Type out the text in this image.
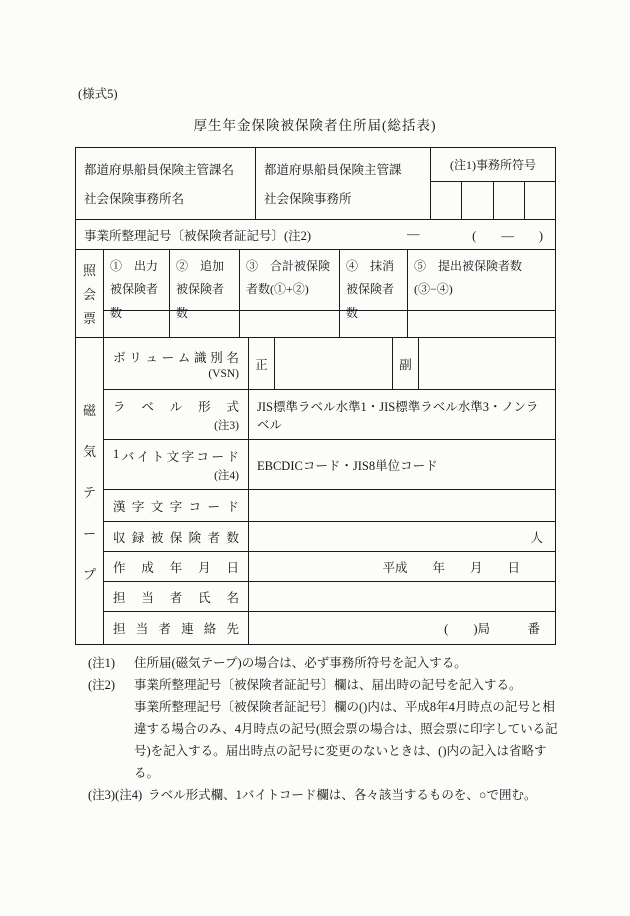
(様式5)
厚生年金保険被保険者住所届(総括表)
都道府県船員保険主管課名
社会保険事務所名
都道府県船員保険主管課
社会保険事務所
(注1)事務所符号
事業所整理記号〔被保険者証記号〕(注2)	—	(　　—　　)
照
会
票
①　出力被保険者数
②　追加被保険者数
③　合計被保険者数(①+②)
④　抹消被保険者数
⑤　提出被保険者数(③−④)
磁
気
テ
ー
プ
ボ リ ュ ー ム 識 別 名
(VSN)
正	副
ラ ベ ル 形 式
(注3)
JIS標準ラベル水準1・JIS標準ラベル水準3・ノンラベル
1 バ イ ト 文 字 コ ー ド
(注4)
EBCDICコード・JIS8単位コード
漢 字 文 字 コ ー ド
収 録 被 保 険 者 数	人
作 成 年 月 日	平成　　年　　月　　日
担 当 者 氏 名
担 当 者 連 絡 先	(　　)局　　　番
(注1)	住所届(磁気テープ)の場合は、必ず事務所符号を記入する。
(注2)	事業所整理記号〔被保険者証記号〕欄は、届出時の記号を記入する。
事業所整理記号〔被保険者証記号〕欄の()内は、平成8年4月時点の記号と相違する場合のみ、4月時点の記号(照会票の場合は、照会票に印字している記号)を記入する。届出時点の記号に変更のないときは、()内の記入は省略する。
(注3)(注4) ラベル形式欄、1バイトコード欄は、各々該当するものを、○で囲む。
